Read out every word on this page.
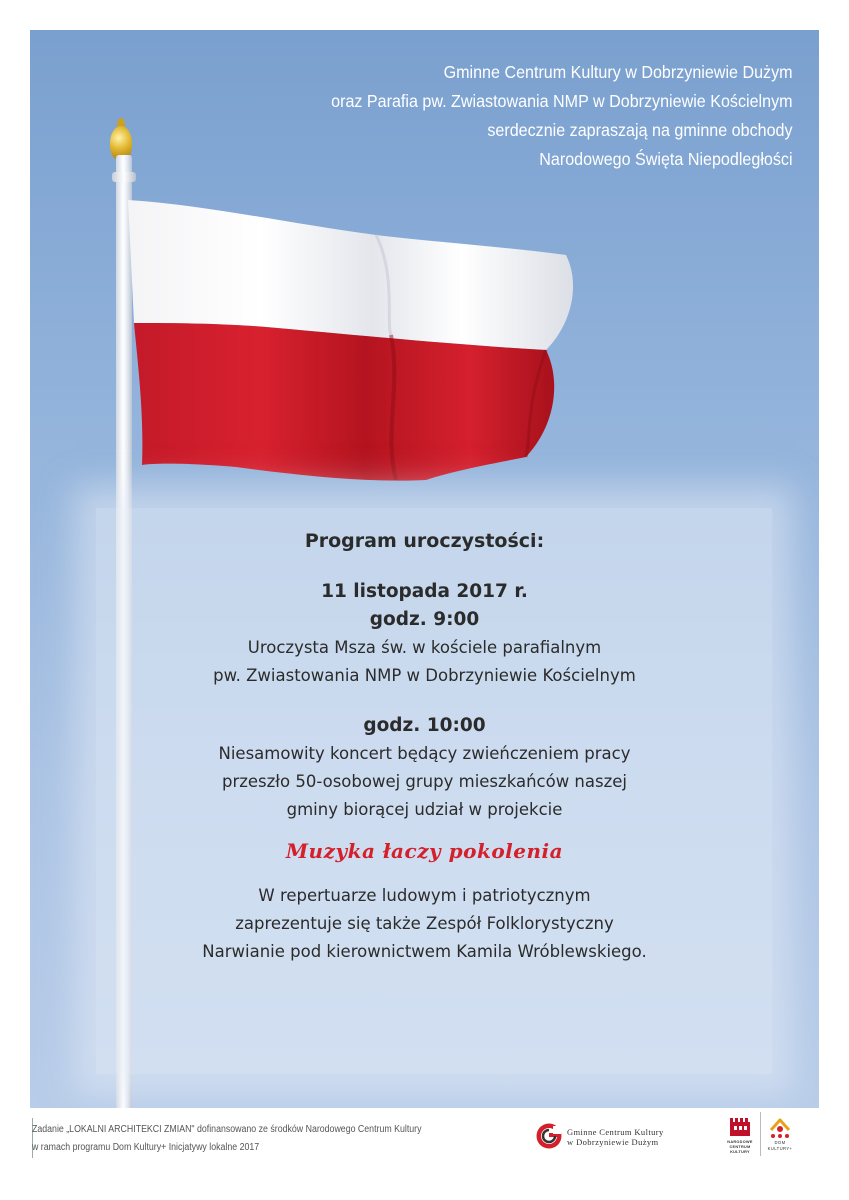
Gminne Centrum Kultury w Dobrzyniewie Dużym
oraz Parafia pw. Zwiastowania NMP w Dobrzyniewie Kościelnym
serdecznie zapraszają na gminne obchody
Narodowego Święta Niepodległości
Program uroczystości:
11 listopada 2017 r.
godz. 9:00
Uroczysta Msza św. w kościele parafialnym
pw. Zwiastowania NMP w Dobrzyniewie Kościelnym
godz. 10:00
Niesamowity koncert będący zwieńczeniem pracy
przeszło 50-osobowej grupy mieszkańców naszej
gminy biorącej udział w projekcie
Muzyka łaczy pokolenia
W repertuarze ludowym i patriotycznym
zaprezentuje się także Zespół Folklorystyczny
Narwianie pod kierownictwem Kamila Wróblewskiego.
Zadanie „LOKALNI ARCHITEKCI ZMIAN" dofinansowano ze środków Narodowego Centrum Kultury
w ramach programu Dom Kultury+ Inicjatywy lokalne 2017
Gminne Centrum Kultury
w Dobrzyniewie Dużym	NARODOWE
CENTRUM
KULTURY
DOM
KULTURY+
